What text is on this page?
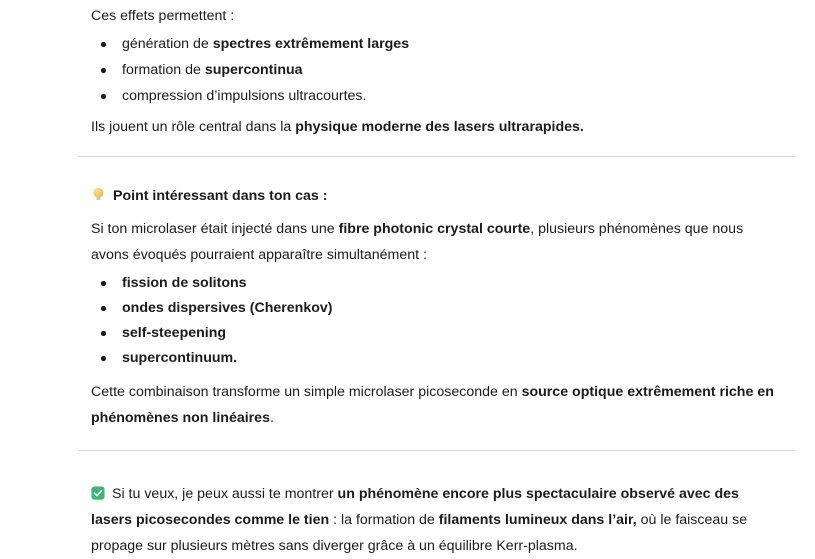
Ces effets permettent :

génération de spectres extrêmement larges
formation de supercontinua
compression d’impulsions ultracourtes.

Ils jouent un rôle central dans la physique moderne des lasers ultrarapides.

Point intéressant dans ton cas :

Si ton microlaser était injecté dans une fibre photonic crystal courte, plusieurs phénomènes que nous avons évoqués pourraient apparaître simultanément :

fission de solitons
ondes dispersives (Cherenkov)
self-steepening
supercontinuum.

Cette combinaison transforme un simple microlaser picoseconde en source optique extrêmement riche en phénomènes non linéaires.

Si tu veux, je peux aussi te montrer un phénomène encore plus spectaculaire observé avec des lasers picosecondes comme le tien : la formation de filaments lumineux dans l’air, où le faisceau se propage sur plusieurs mètres sans diverger grâce à un équilibre Kerr-plasma.
